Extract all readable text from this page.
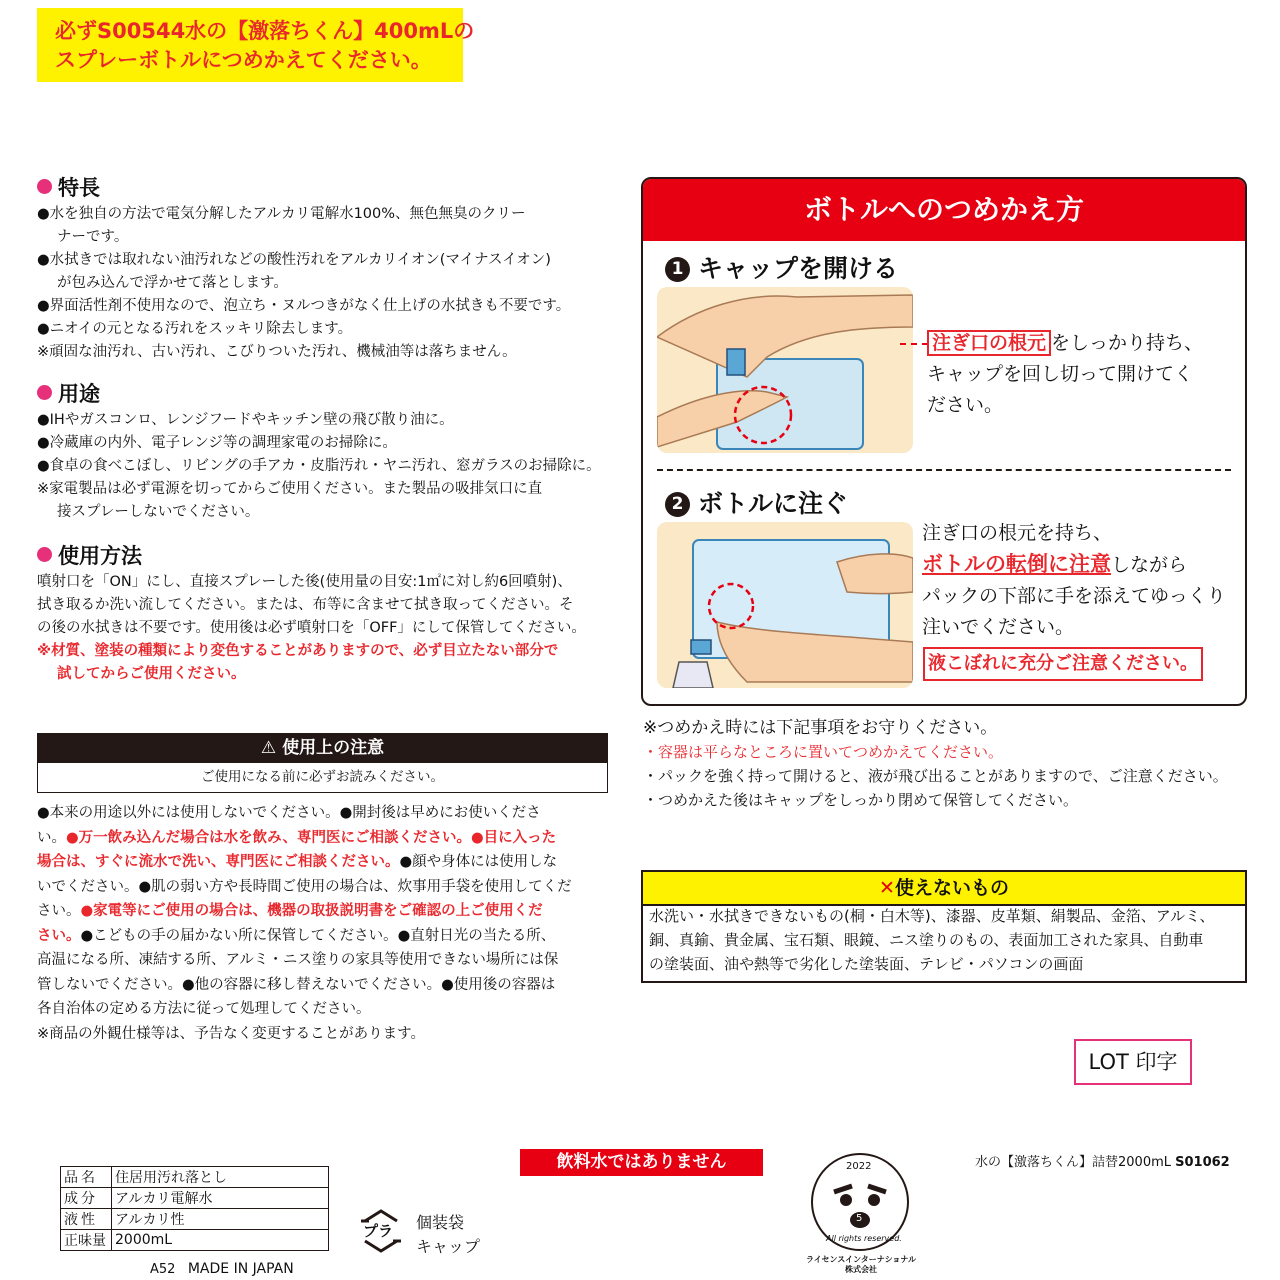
必ずS00544水の【激落ちくん】400mLの
スプレーボトルにつめかえてください。
特長
●水を独自の方法で電気分解したアルカリ電解水100%、無色無臭のクリー
ナーです。
●水拭きでは取れない油汚れなどの酸性汚れをアルカリイオン(マイナスイオン)
が包み込んで浮かせて落とします。
●界面活性剤不使用なので、泡立ち・ヌルつきがなく仕上げの水拭きも不要です。
●ニオイの元となる汚れをスッキリ除去します。
※頑固な油汚れ、古い汚れ、こびりついた汚れ、機械油等は落ちません。
用途
●IHやガスコンロ、レンジフードやキッチン壁の飛び散り油に。
●冷蔵庫の内外、電子レンジ等の調理家電のお掃除に。
●食卓の食べこぼし、リビングの手アカ・皮脂汚れ・ヤニ汚れ、窓ガラスのお掃除に。
※家電製品は必ず電源を切ってからご使用ください。また製品の吸排気口に直
接スプレーしないでください。
使用方法
噴射口を「ON」にし、直接スプレーした後(使用量の目安:1㎡に対し約6回噴射)、
拭き取るか洗い流してください。または、布等に含ませて拭き取ってください。そ
の後の水拭きは不要です。使用後は必ず噴射口を「OFF」にして保管してください。
※材質、塗装の種類により変色することがありますので、必ず目立たない部分で
試してからご使用ください。
⚠ 使用上の注意
ご使用になる前に必ずお読みください。
●本来の用途以外には使用しないでください。●開封後は早めにお使いくださ
い。●万一飲み込んだ場合は水を飲み、専門医にご相談ください。●目に入った
場合は、すぐに流水で洗い、専門医にご相談ください。●顔や身体には使用しな
いでください。●肌の弱い方や長時間ご使用の場合は、炊事用手袋を使用してくだ
さい。●家電等にご使用の場合は、機器の取扱説明書をご確認の上ご使用くだ
さい。●こどもの手の届かない所に保管してください。●直射日光の当たる所、
高温になる所、凍結する所、アルミ・ニス塗りの家具等使用できない場所には保
管しないでください。●他の容器に移し替えないでください。●使用後の容器は
各自治体の定める方法に従って処理してください。
※商品の外観仕様等は、予告なく変更することがあります。
ボトルへのつめかえ方
1 キャップを開ける
注ぎ口の根元 をしっかり持ち、
キャップを回し切って開けてく
ださい。
2 ボトルに注ぐ
注ぎ口の根元を持ち、
ボトルの転倒に注意しながら
パックの下部に手を添えてゆっくり
注いでください。
液こぼれに充分ご注意ください。
※つめかえ時には下記事項をお守りください。
・容器は平らなところに置いてつめかえてください。
・パックを強く持って開けると、液が飛び出ることがありますので、ご注意ください。
・つめかえた後はキャップをしっかり閉めて保管してください。
✕使えないもの
水洗い・水拭きできないもの(桐・白木等)、漆器、皮革類、絹製品、金箔、アルミ、
銅、真鍮、貴金属、宝石類、眼鏡、ニス塗りのもの、表面加工された家具、自動車
の塗装面、油や熱等で劣化した塗装面、テレビ・パソコンの画面
LOT 印字
飲料水ではありません	水の【激落ちくん】詰替2000mL S01062
品名	住居用汚れ落とし
成分	アルカリ電解水
液性	アルカリ性
正味量	2000mL
A52 MADE IN JAPAN
プラ 個装袋
キャップ
2022
5
All rights reserved.
ライセンスインターナショナル
株式会社
